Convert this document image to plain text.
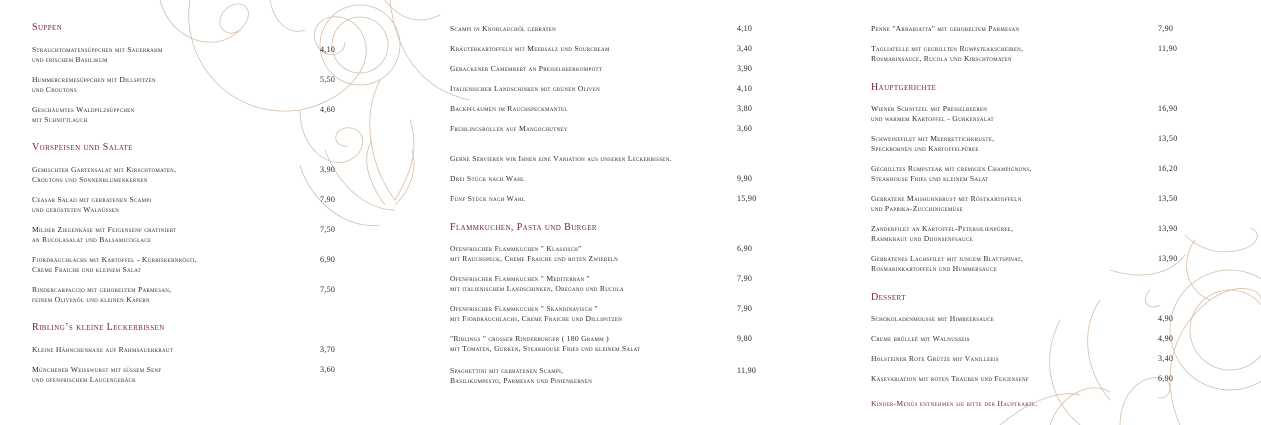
Suppen
Strauchtomatensüppchen mit Sauerrahm
und frischem Basilikum
4,10
Hummercremesüppchen mit Dillspitzen
und Croutons
5,50
Geschäumtes Waldpilzsüppchen
mit Schnittlauch
4,60
Vorspeisen und Salate
Gemischter Gartensalat mit Kirschtomaten,
Croutons und Sonnenblumenkernen
3,90
Ceasar Salad mit gebratenen Scampi
und gerösteten Walnüssen
7,90
Milder Ziegenkäse mit Feigensenf gratiniert
an Rucolasalat und Balsamicoglace
7,50
Fjordräuchlachs mit Kartoffel - Kürbiskernrösti,
Creme Fraiche und kleinem Salat
6,90
Rindercarpaccio mit gehobeltem Parmesan,
feinem Olivenöl und kleinen Kapern
7,50
Ribling’s kleine Leckerbissen
Kleine Hähnchenhaxe auf Rahmsauerkraut	3,70
Münchener Weisswurst mit süssem Senf
und ofenfrischem Laugengebäck
3,60
Scampi in Knoblauchöl gebraten	4,10
Kräuterkartoffeln mit Meersalz und Sourcream	3,40
Gebackener Camembert an Preiselbeerkompott	3,90
Italienischer Landschinken mit grünen Oliven	4,10
Backpflaumen im Rauchspeckmantel	3,80
Frühlingsrollen auf Mangochutney	3,60
Gerne Servieren wir Ihnen eine Variation aus unseren Leckerbissen.
Drei Stück nach Wahl	9,90
Fünf Stück nach Wahl	15,90
Flammkuchen, Pasta und Burger
Ofenfrischer Flammkuchen " Klassisch"
mit Rauchspeck, Creme Fraiche und roten Zwiebeln
6,90
Ofenfrischer Flammkuchen " Mediterran "
mit italienischem Landschinken, Oregano und Rucola
7,90
Ofenfrischer Flammkuchen " Skandinavisch "
mit Fjordräuchlachs, Creme Fraiche und Dillspitzen
7,90
"Riblings " grosser Rinderburger ( 180 Gramm )
mit Tomaten, Gurken, Steakhouse Fries und kleinem Salat
9,80
Spaghettini mit gebratenen Scampi,
Basilikumpesto, Parmesan und Pinienkernen
11,90
Penne "Arrabiatta" mit gehobeltem Parmesan	7,90
Tagliatelle mit gegrillten Rumpsteakscheiben,
Rosmarinsauce, Rucola und Kirschtomaten
11,90
Hauptgerichte
Wiener Schnitzel mit Preiselbeeren
und warmem Kartoffel - Gurkensalat
16,90
Schweinefilet mit Meerrettichkruste,
Speckbohnen und Kartoffelpüree
13,50
Gegrilltes Rumpsteak mit cremigen Champignons,
Steakhouse Fries und kleinem Salat
16,20
Gebratene Maishuhnbrust mit Röstkartoffeln
und Paprika-Zucchinigemüse
13,50
Zanderfilet an Kartoffel-Petersilienpüree,
Rahmkraut und Dijonsenfsauce
13,90
Gebratenes Lachsfilet mit jungem Blattspinat,
Rosmarinkartoffeln und Hummersauce
13,90
Dessert
Schokoladenmousse mit Himbeersauce	4,90
Creme brûlleé mit Walnusseis	4,90
Holsteiner Rote Grütze mit Vanilleeis	3,40
Käsevariation mit roten Trauben und Feigensenf	6,90
Kinder-Menüs entnehmen sie bitte der Hauptkarte.
